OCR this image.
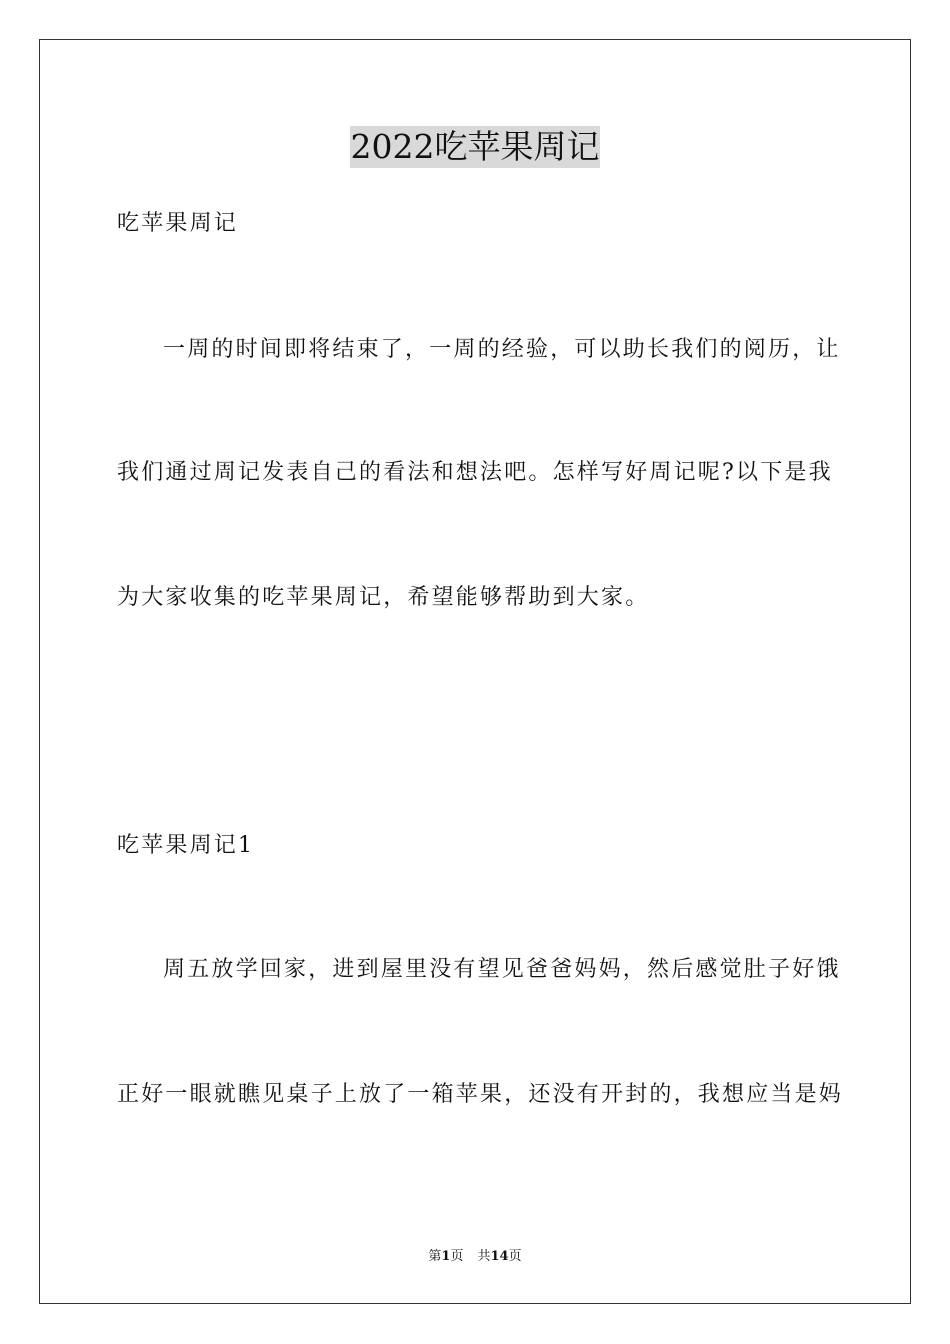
2022吃苹果周记
吃苹果周记
一周的时间即将结束了，一周的经验，可以助长我们的阅历，让
我们通过周记发表自己的看法和想法吧。怎样写好周记呢?以下是我
为大家收集的吃苹果周记，希望能够帮助到大家。
吃苹果周记1
周五放学回家，进到屋里没有望见爸爸妈妈，然后感觉肚子好饿
正好一眼就瞧见桌子上放了一箱苹果，还没有开封的，我想应当是妈
第1页 共14页
